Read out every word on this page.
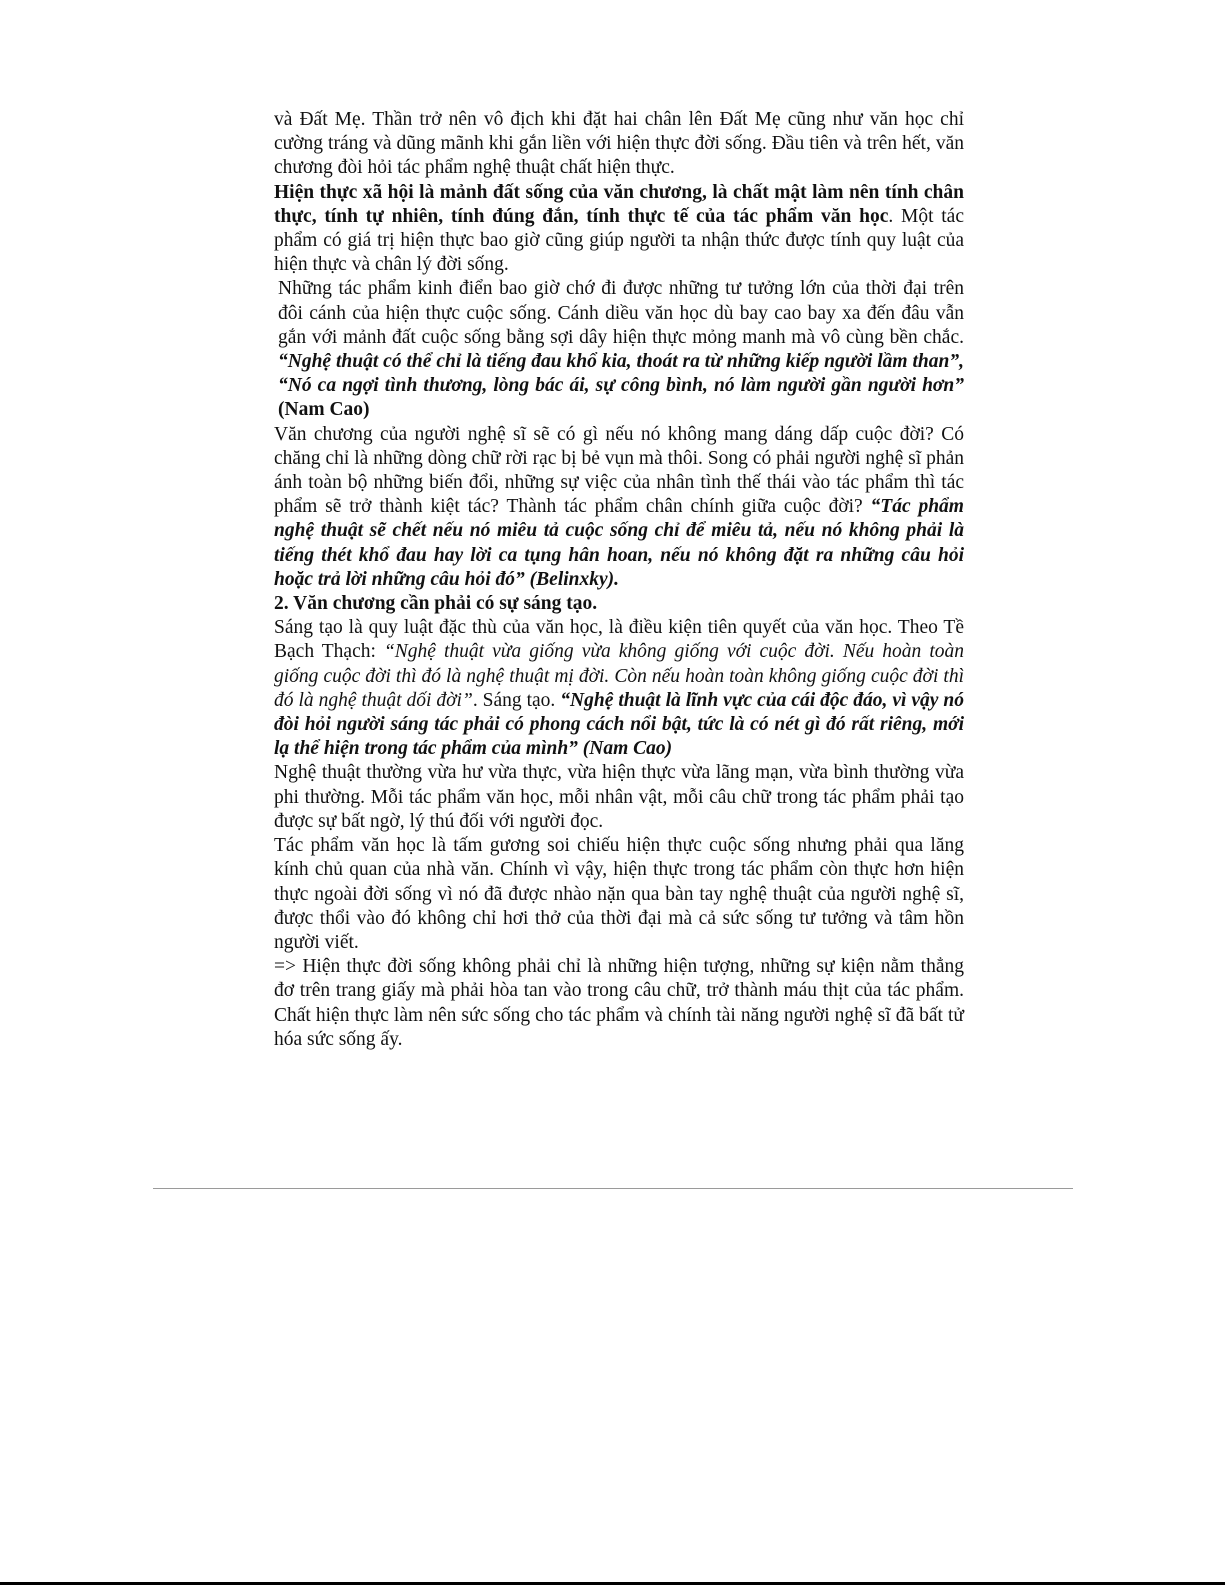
và Đất Mẹ. Thần trở nên vô địch khi đặt hai chân lên Đất Mẹ cũng như văn học chỉ cường tráng và dũng mãnh khi gắn liền với hiện thực đời sống. Đầu tiên và trên hết, văn chương đòi hỏi tác phẩm nghệ thuật chất hiện thực.

Hiện thực xã hội là mảnh đất sống của văn chương, là chất mật làm nên tính chân thực, tính tự nhiên, tính đúng đắn, tính thực tế của tác phẩm văn học. Một tác phẩm có giá trị hiện thực bao giờ cũng giúp người ta nhận thức được tính quy luật của hiện thực và chân lý đời sống.

Những tác phẩm kinh điển bao giờ chớ đi được những tư tưởng lớn của thời đại trên đôi cánh của hiện thực cuộc sống. Cánh diều văn học dù bay cao bay xa đến đâu vẫn gắn với mảnh đất cuộc sống bằng sợi dây hiện thực mỏng manh mà vô cùng bền chắc. “Nghệ thuật có thể chỉ là tiếng đau khổ kia, thoát ra từ những kiếp người lầm than”, “Nó ca ngợi tình thương, lòng bác ái, sự công bình, nó làm người gần người hơn” (Nam Cao)

Văn chương của người nghệ sĩ sẽ có gì nếu nó không mang dáng dấp cuộc đời? Có chăng chỉ là những dòng chữ rời rạc bị bẻ vụn mà thôi. Song có phải người nghệ sĩ phản ánh toàn bộ những biến đổi, những sự việc của nhân tình thế thái vào tác phẩm thì tác phẩm sẽ trở thành kiệt tác? Thành tác phẩm chân chính giữa cuộc đời? “Tác phẩm nghệ thuật sẽ chết nếu nó miêu tả cuộc sống chỉ để miêu tả, nếu nó không phải là tiếng thét khổ đau hay lời ca tụng hân hoan, nếu nó không đặt ra những câu hỏi hoặc trả lời những câu hỏi đó” (Belinxky).

2. Văn chương cần phải có sự sáng tạo.

Sáng tạo là quy luật đặc thù của văn học, là điều kiện tiên quyết của văn học. Theo Tề Bạch Thạch: “Nghệ thuật vừa giống vừa không giống với cuộc đời. Nếu hoàn toàn giống cuộc đời thì đó là nghệ thuật mị đời. Còn nếu hoàn toàn không giống cuộc đời thì đó là nghệ thuật dối đời”. Sáng tạo. “Nghệ thuật là lĩnh vực của cái độc đáo, vì vậy nó đòi hỏi người sáng tác phải có phong cách nổi bật, tức là có nét gì đó rất riêng, mới lạ thể hiện trong tác phẩm của mình” (Nam Cao)

Nghệ thuật thường vừa hư vừa thực, vừa hiện thực vừa lãng mạn, vừa bình thường vừa phi thường. Mỗi tác phẩm văn học, mỗi nhân vật, mỗi câu chữ trong tác phẩm phải tạo được sự bất ngờ, lý thú đối với người đọc.

Tác phẩm văn học là tấm gương soi chiếu hiện thực cuộc sống nhưng phải qua lăng kính chủ quan của nhà văn. Chính vì vậy, hiện thực trong tác phẩm còn thực hơn hiện thực ngoài đời sống vì nó đã được nhào nặn qua bàn tay nghệ thuật của người nghệ sĩ, được thổi vào đó không chỉ hơi thở của thời đại mà cả sức sống tư tưởng và tâm hồn người viết.

=> Hiện thực đời sống không phải chỉ là những hiện tượng, những sự kiện nằm thẳng đơ trên trang giấy mà phải hòa tan vào trong câu chữ, trở thành máu thịt của tác phẩm. Chất hiện thực làm nên sức sống cho tác phẩm và chính tài năng người nghệ sĩ đã bất tử hóa sức sống ấy.
